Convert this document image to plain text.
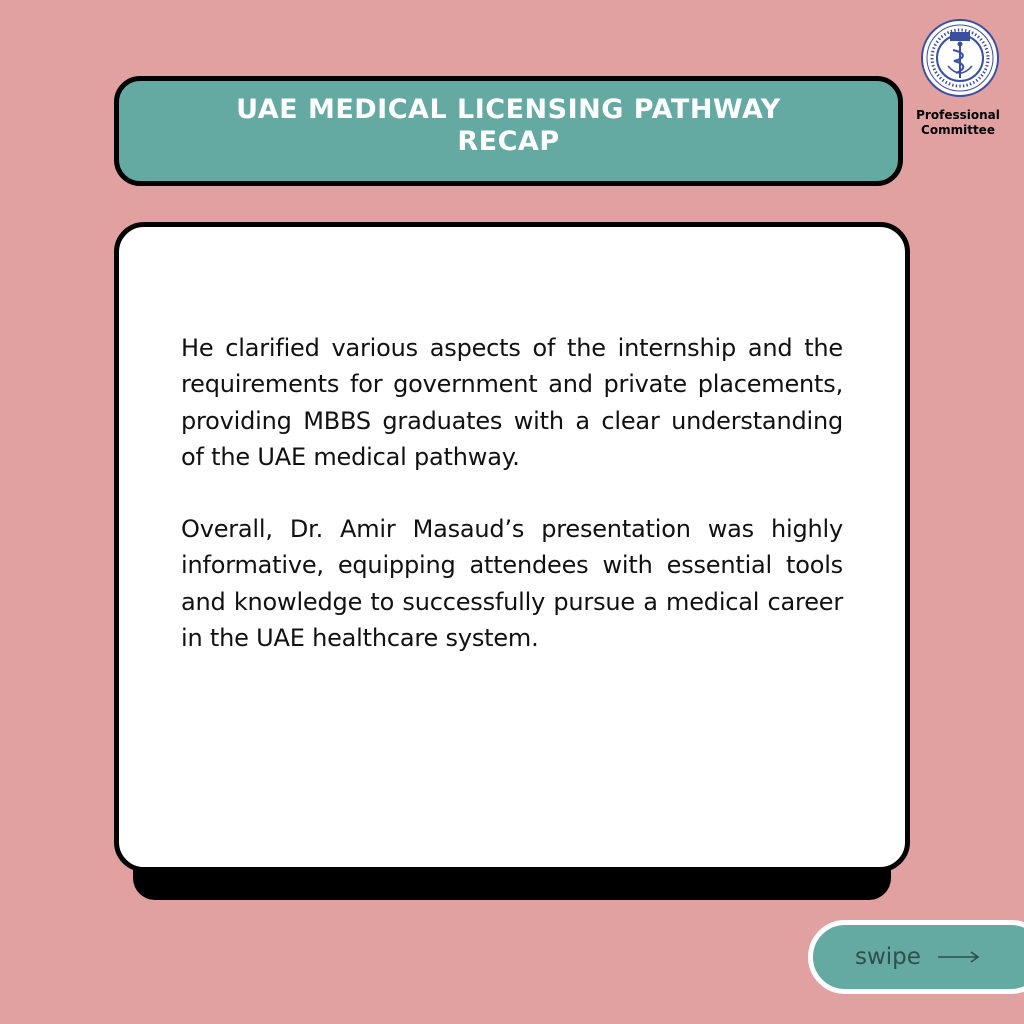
UAE MEDICAL LICENSING PATHWAY
RECAP
Professional
Committee

He clarified various aspects of the internship and the requirements for government and private placements, providing MBBS graduates with a clear understanding of the UAE medical pathway.

Overall, Dr. Amir Masaud’s presentation was highly informative, equipping attendees with essential tools and knowledge to successfully pursue a medical career in the UAE healthcare system.

swipe
